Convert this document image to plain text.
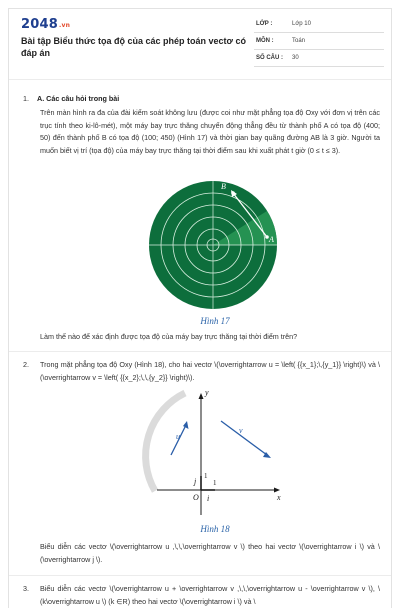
2048.vn
Bài tập Biểu thức tọa độ của các phép toán vectơ có đáp án
LỚP :	Lớp 10
MÔN :	Toán
SỐ CÂU : 30
1. A. Các câu hỏi trong bài
Trên màn hình ra đa của đài kiểm soát không lưu (được coi như mặt phẳng tọa độ Oxy với đơn vị trên các trục tính theo ki-lô-mét), một máy bay trực thăng chuyển động thẳng đều từ thành phố A có tọa độ (400; 50) đến thành phố B có tọa độ (100; 450) (Hình 17) và thời gian bay quãng đường AB là 3 giờ. Người ta muốn biết vị trí (tọa độ) của máy bay trực thăng tại thời điểm sau khi xuất phát t giờ (0 ≤ t ≤ 3).
A
B
Hình 17
Làm thế nào để xác định được tọa độ của máy bay trực thăng tại thời điểm trên?
2. Trong mặt phẳng tọa độ Oxy (Hình 18), cho hai vectơ \(\overrightarrow u = \left( {{x_1};\,{y_1}} \right)\) và \(\overrightarrow v = \left( {{x_2};\,\,{y_2}} \right)\).
y
x
O i
j 1
1
u
v
Hình 18
Biểu diễn các vectơ \(\overrightarrow u ,\,\,\overrightarrow v \) theo hai vectơ \(\overrightarrow i \) và \(\overrightarrow j \).
3. Biểu diễn các vectơ \(\overrightarrow u + \overrightarrow v ,\,\,\overrightarrow u - \overrightarrow v \), \(k\overrightarrow u \) (k ∈R) theo hai vectơ \(\overrightarrow i \) và \
